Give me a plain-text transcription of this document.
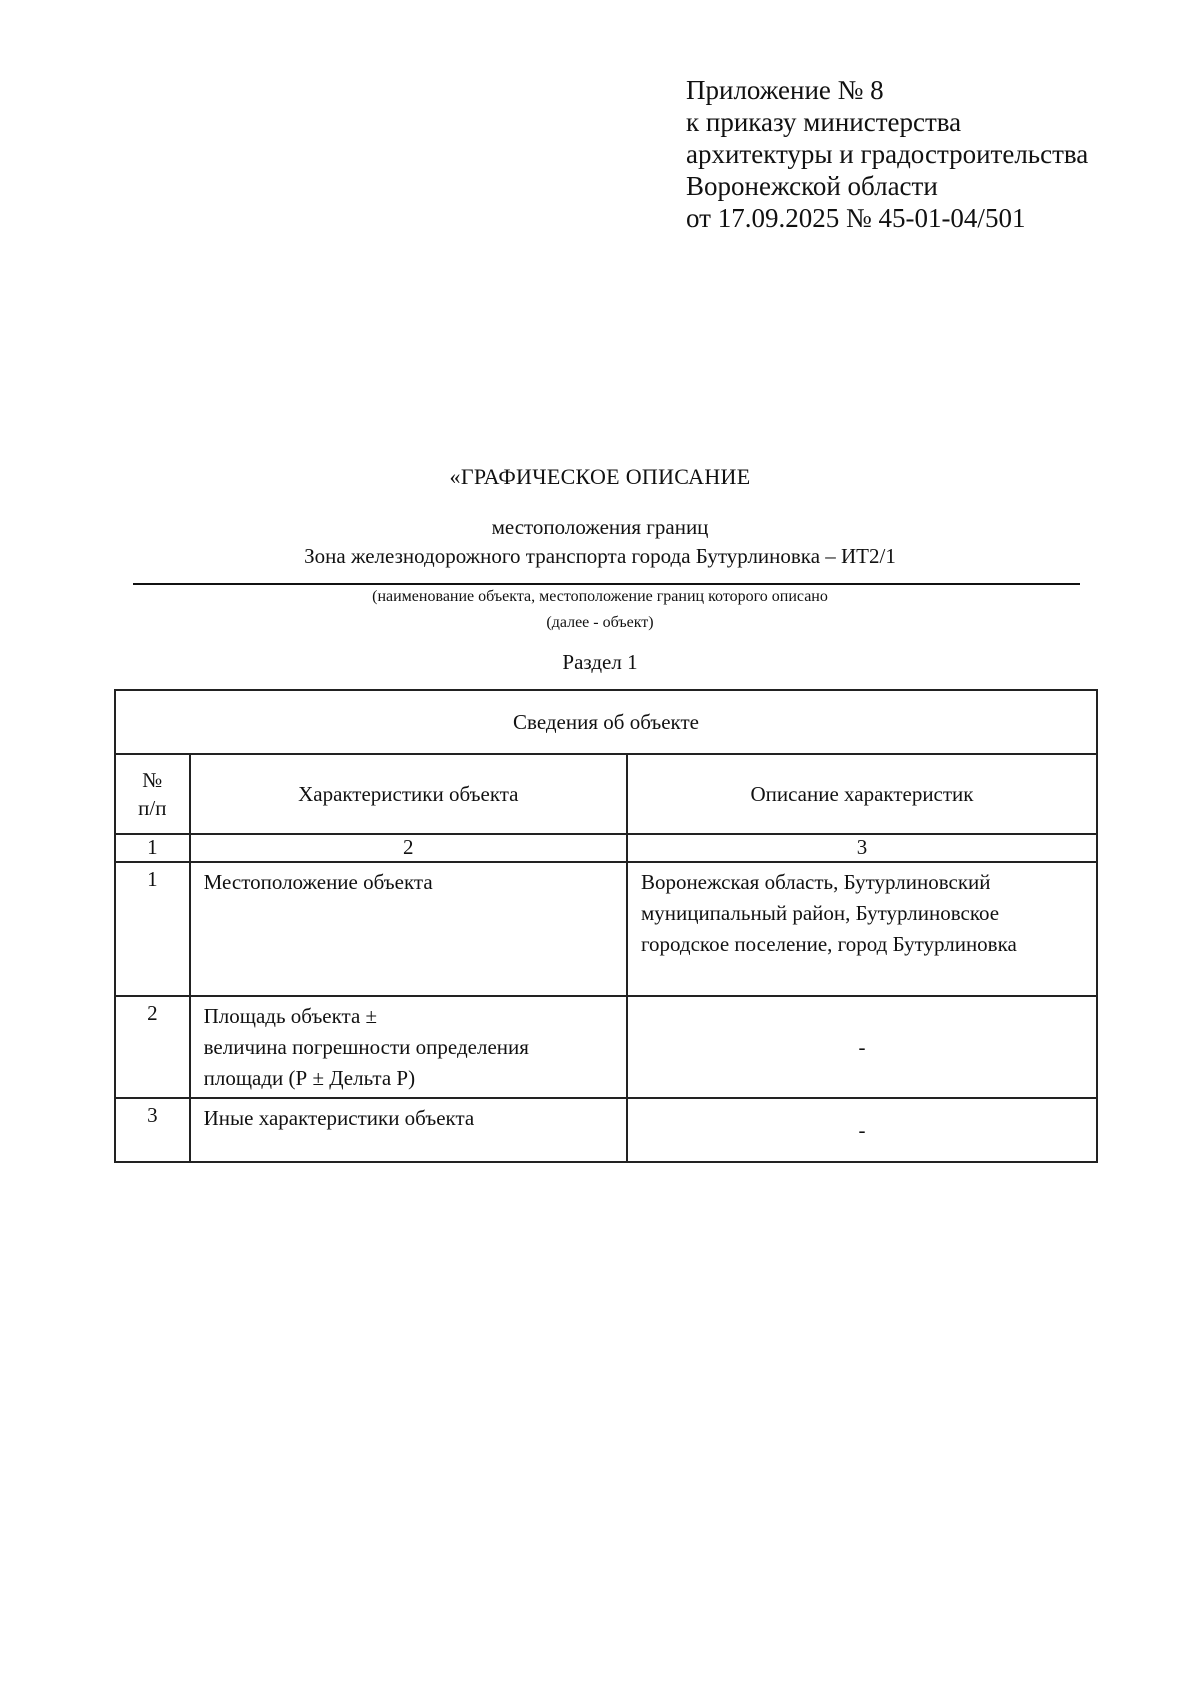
Приложение № 8
к приказу министерства
архитектуры и градостроительства
Воронежской области
от 17.09.2025 № 45-01-04/501
«ГРАФИЧЕСКОЕ ОПИСАНИЕ
местоположения границ
Зона железнодорожного транспорта города Бутурлиновка – ИТ2/1
(наименование объекта, местоположение границ которого описано
(далее - объект)
Раздел 1
Сведения об объекте		

№
п/п	Характеристики объекта	Описание характеристик
1	2	3
1	Местоположение объекта	Воронежская область, Бутурлиновский
муниципальный район, Бутурлиновское
городское поселение, город Бутурлиновка

2	Площадь объекта ±
величина погрешности определения
площади (Р ± Дельта Р)	-

3	Иные характеристики объекта	-
